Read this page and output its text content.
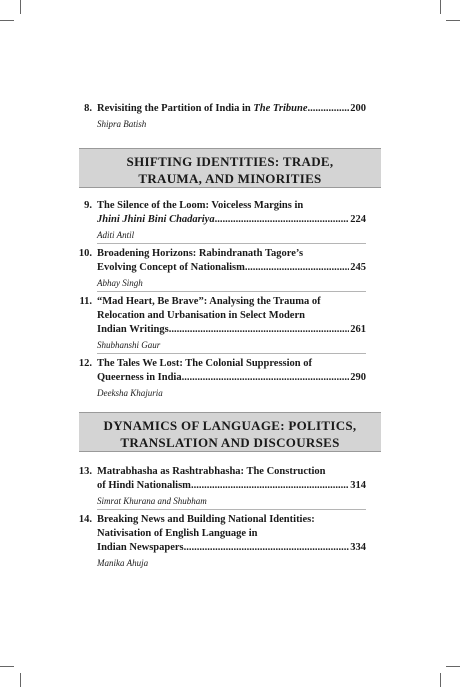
8. Revisiting the Partition of India in The Tribune .....	200
Shipra Batish
SHIFTING IDENTITIES: TRADE,
TRAUMA, AND MINORITIES
9. The Silence of the Loom: Voiceless Margins in
Jhini Jhini Bini Chadariya .....	224
Aditi Antil
10. Broadening Horizons: Rabindranath Tagore’s
Evolving Concept of Nationalism .....	245
Abhay Singh
11. “Mad Heart, Be Brave”: Analysing the Trauma of
Relocation and Urbanisation in Select Modern
Indian Writings .....	261
Shubhanshi Gaur
12. The Tales We Lost: The Colonial Suppression of
Queerness in India .....	290
Deeksha Khajuria
DYNAMICS OF LANGUAGE: POLITICS,
TRANSLATION AND DISCOURSES
13. Matrabhasha as Rashtrabhasha: The Construction
of Hindi Nationalism .....	314
Simrat Khurana and Shubham
14. Breaking News and Building National Identities:
Nativisation of English Language in
Indian Newspapers .....	334
Manika Ahuja
